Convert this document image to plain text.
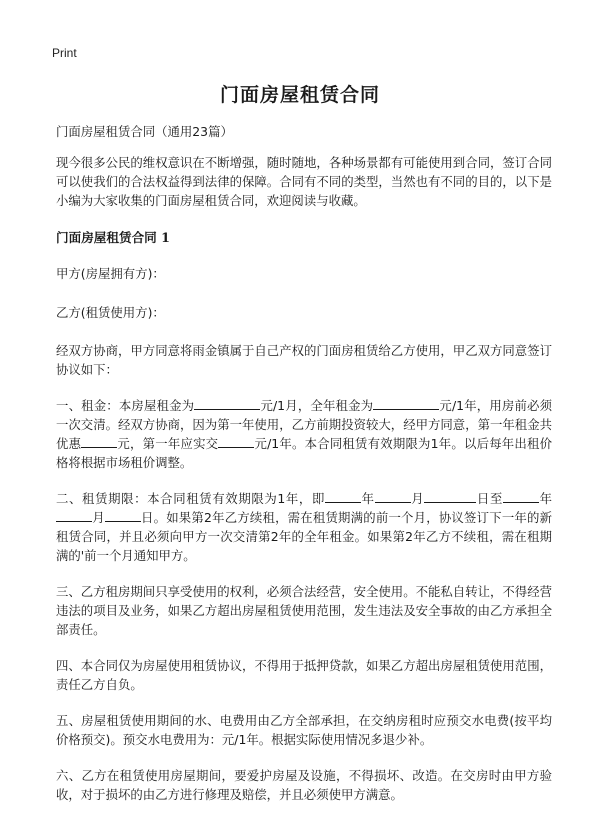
Print
门面房屋租赁合同

门面房屋租赁合同（通用23篇）

现今很多公民的维权意识在不断增强，随时随地，各种场景都有可能使用到合同，签订合同可以使我们的合法权益得到法律的保障。合同有不同的类型，当然也有不同的目的，以下是小编为大家收集的门面房屋租赁合同，欢迎阅读与收藏。

门面房屋租赁合同 1

甲方(房屋拥有方)：

乙方(租赁使用方)：

经双方协商，甲方同意将雨金镇属于自己产权的门面房租赁给乙方使用，甲乙双方同意签订协议如下：

一、租金：本房屋租金为	元/1月，全年租金为	元/1年，用房前必须一次交清。经双方协商，因为第一年使用，乙方前期投资较大，经甲方同意，第一年租金共优惠	元，第一年应实交	元/1年。本合同租赁有效期限为1年。以后每年出租价格将根据市场租价调整。

二、租赁期限：本合同租赁有效期限为1年，即	年	月	日至	年月	日。如果第2年乙方续租，需在租赁期满的前一个月，协议签订下一年的新租赁合同，并且必须向甲方一次交清第2年的全年租金。如果第2年乙方不续租，需在租期满的'前一个月通知甲方。

三、乙方租房期间只享受使用的权利，必须合法经营，安全使用。不能私自转让，不得经营违法的项目及业务，如果乙方超出房屋租赁使用范围，发生违法及安全事故的由乙方承担全部责任。

四、本合同仅为房屋使用租赁协议，不得用于抵押贷款，如果乙方超出房屋租赁使用范围，责任乙方自负。

五、房屋租赁使用期间的水、电费用由乙方全部承担，在交纳房租时应预交水电费(按平均价格预交)。预交水电费用为：元/1年。根据实际使用情况多退少补。

六、乙方在租赁使用房屋期间，要爱护房屋及设施，不得损坏、改造。在交房时由甲方验收，对于损坏的由乙方进行修理及赔偿，并且必须使甲方满意。
